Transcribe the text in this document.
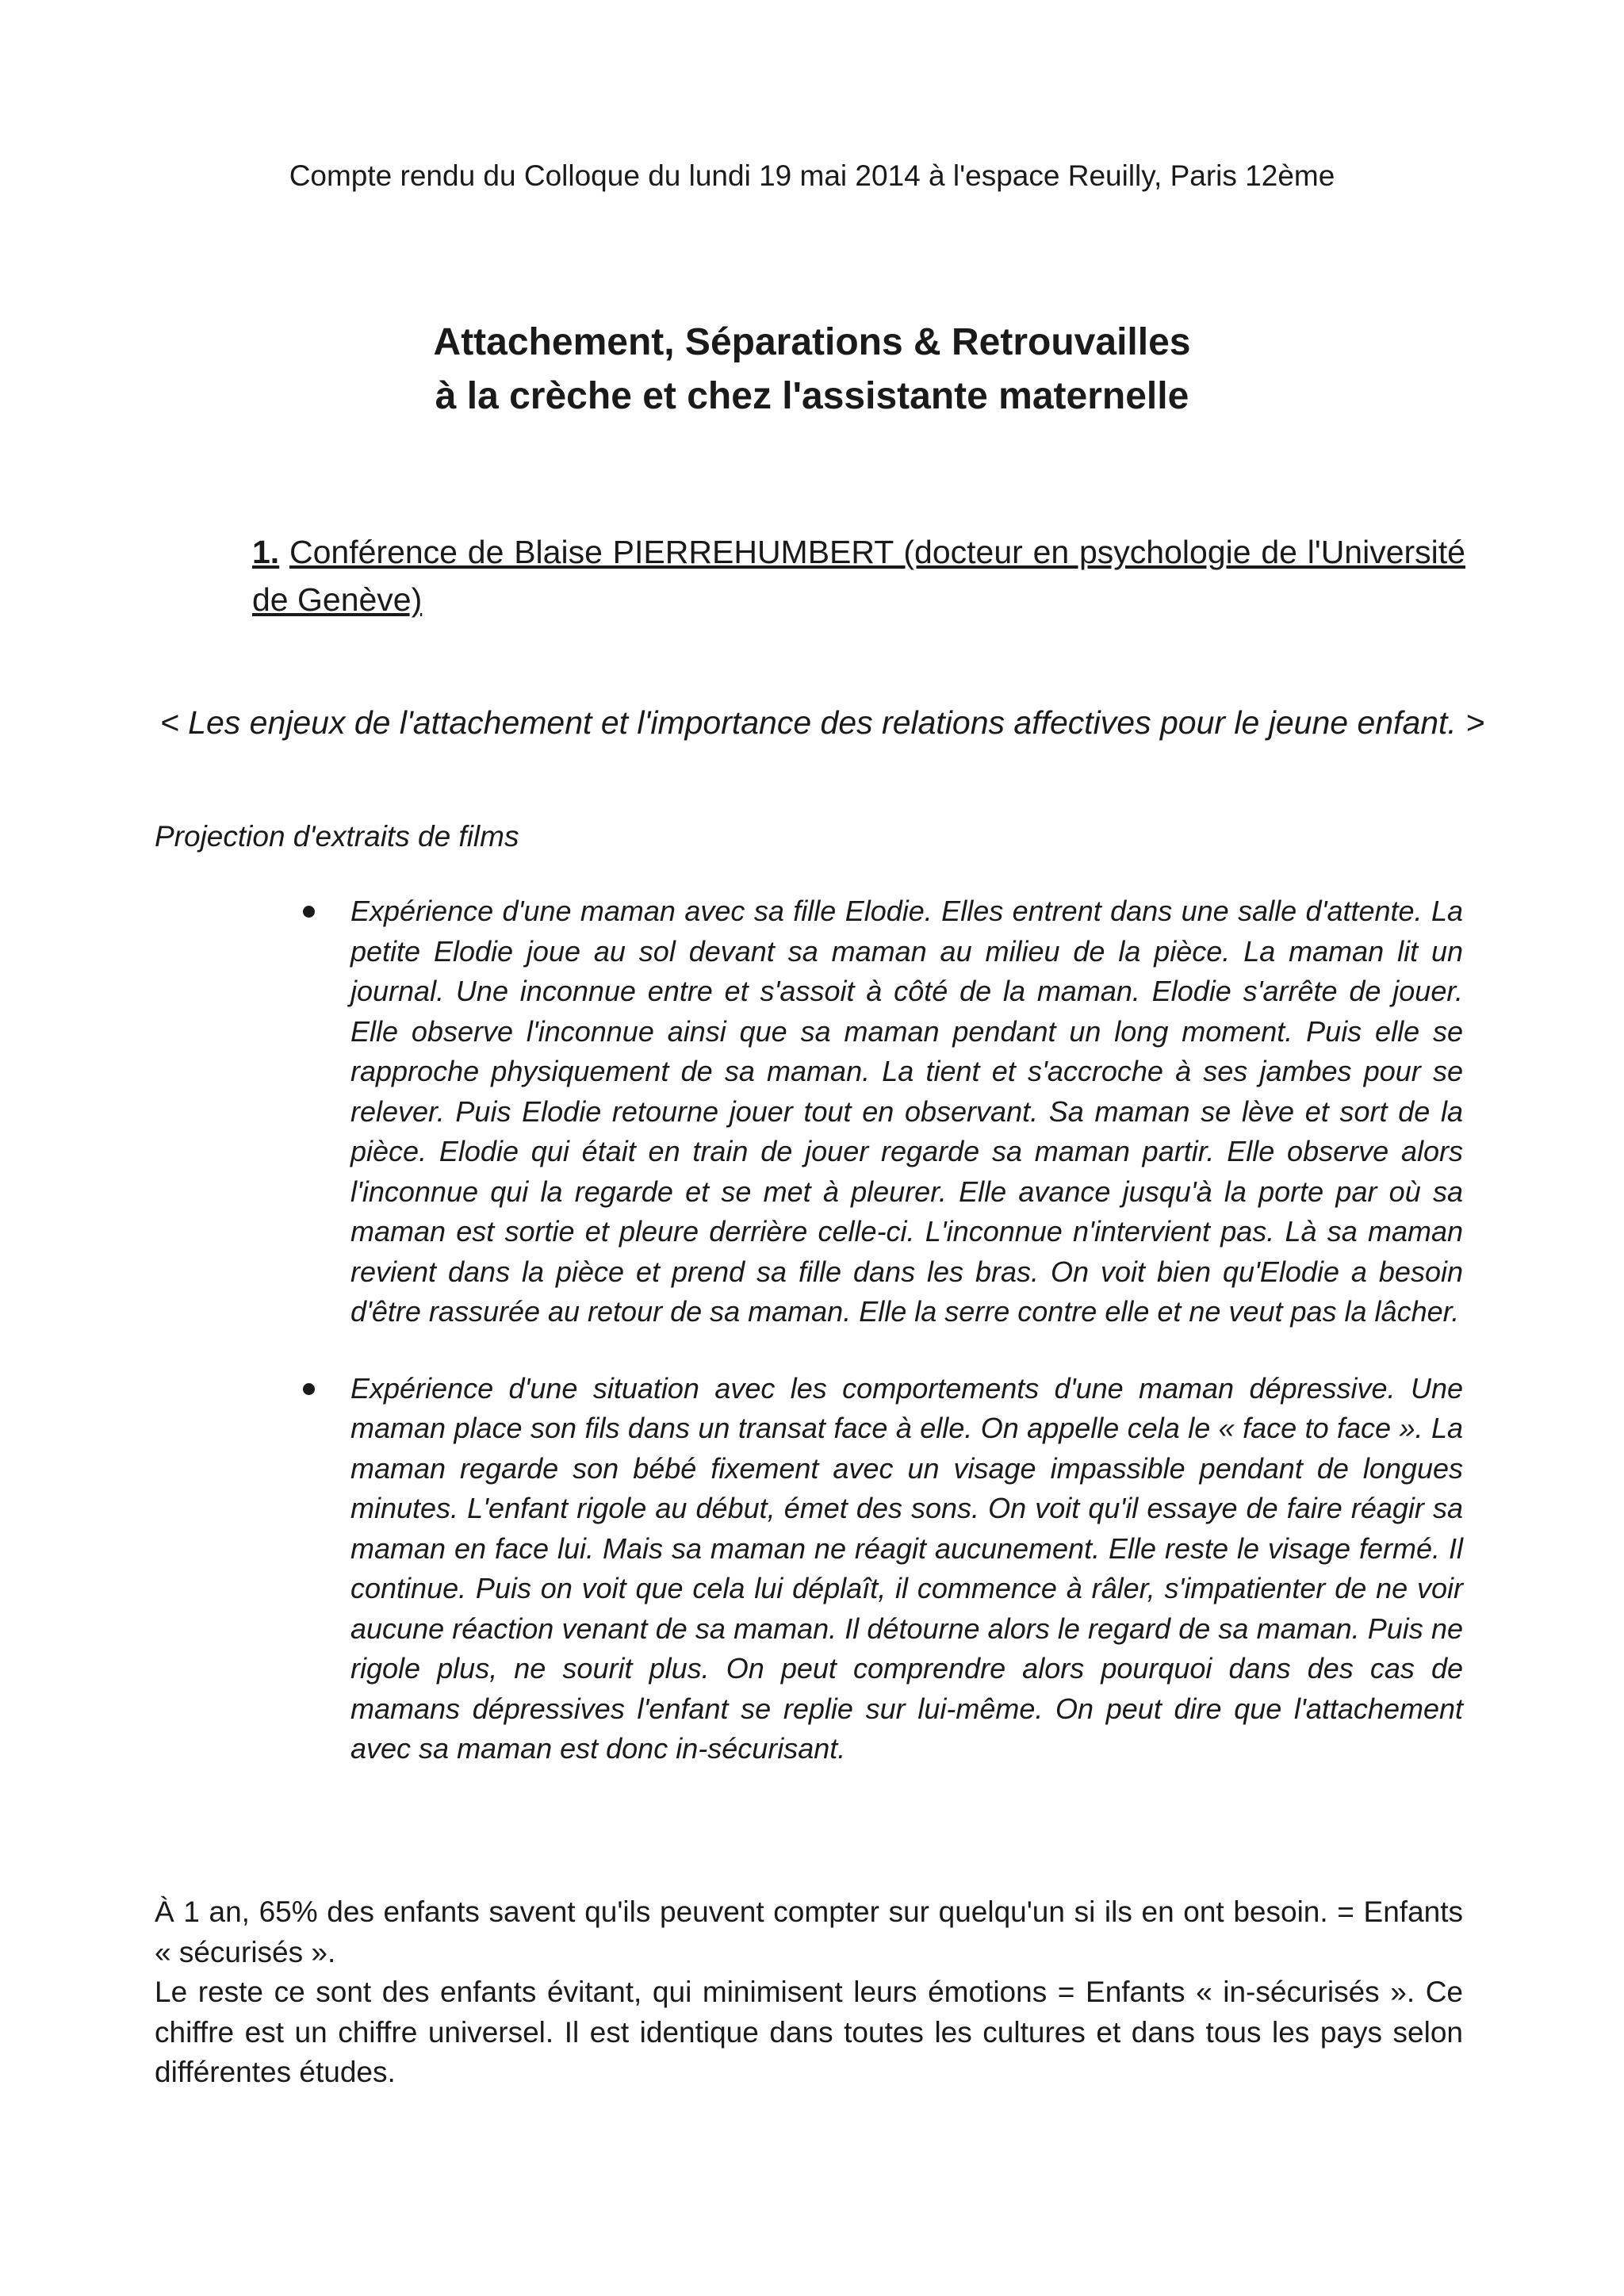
Compte rendu du Colloque du lundi 19 mai 2014 à l'espace Reuilly, Paris 12ème
Attachement, Séparations & Retrouvailles
à la crèche et chez l'assistante maternelle
1. Conférence de Blaise PIERREHUMBERT (docteur en psychologie de l'Université de Genève)
< Les enjeux de l'attachement et l'importance des relations affectives pour le jeune enfant. >
Projection d'extraits de films
Expérience d'une maman avec sa fille Elodie. Elles entrent dans une salle d'attente. La petite Elodie joue au sol devant sa maman au milieu de la pièce. La maman lit un journal. Une inconnue entre et s'assoit à côté de la maman. Elodie s'arrête de jouer. Elle observe l'inconnue ainsi que sa maman pendant un long moment. Puis elle se rapproche physiquement de sa maman. La tient et s'accroche à ses jambes pour se relever. Puis Elodie retourne jouer tout en observant. Sa maman se lève et sort de la pièce. Elodie qui était en train de jouer regarde sa maman partir. Elle observe alors l'inconnue qui la regarde et se met à pleurer. Elle avance jusqu'à la porte par où sa maman est sortie et pleure derrière celle-ci. L'inconnue n'intervient pas. Là sa maman revient dans la pièce et prend sa fille dans les bras. On voit bien qu'Elodie a besoin d'être rassurée au retour de sa maman. Elle la serre contre elle et ne veut pas la lâcher.
Expérience d'une situation avec les comportements d'une maman dépressive. Une maman place son fils dans un transat face à elle. On appelle cela le « face to face ». La maman regarde son bébé fixement avec un visage impassible pendant de longues minutes. L'enfant rigole au début, émet des sons. On voit qu'il essaye de faire réagir sa maman en face lui. Mais sa maman ne réagit aucunement. Elle reste le visage fermé. Il continue. Puis on voit que cela lui déplaît, il commence à râler, s'impatienter de ne voir aucune réaction venant de sa maman. Il détourne alors le regard de sa maman. Puis ne rigole plus, ne sourit plus. On peut comprendre alors pourquoi dans des cas de mamans dépressives l'enfant se replie sur lui-même. On peut dire que l'attachement avec sa maman est donc in-sécurisant.

À 1 an, 65% des enfants savent qu'ils peuvent compter sur quelqu'un si ils en ont besoin. = Enfants « sécurisés ».

Le reste ce sont des enfants évitant, qui minimisent leurs émotions = Enfants « in-sécurisés ». Ce chiffre est un chiffre universel. Il est identique dans toutes les cultures et dans tous les pays selon différentes études.
